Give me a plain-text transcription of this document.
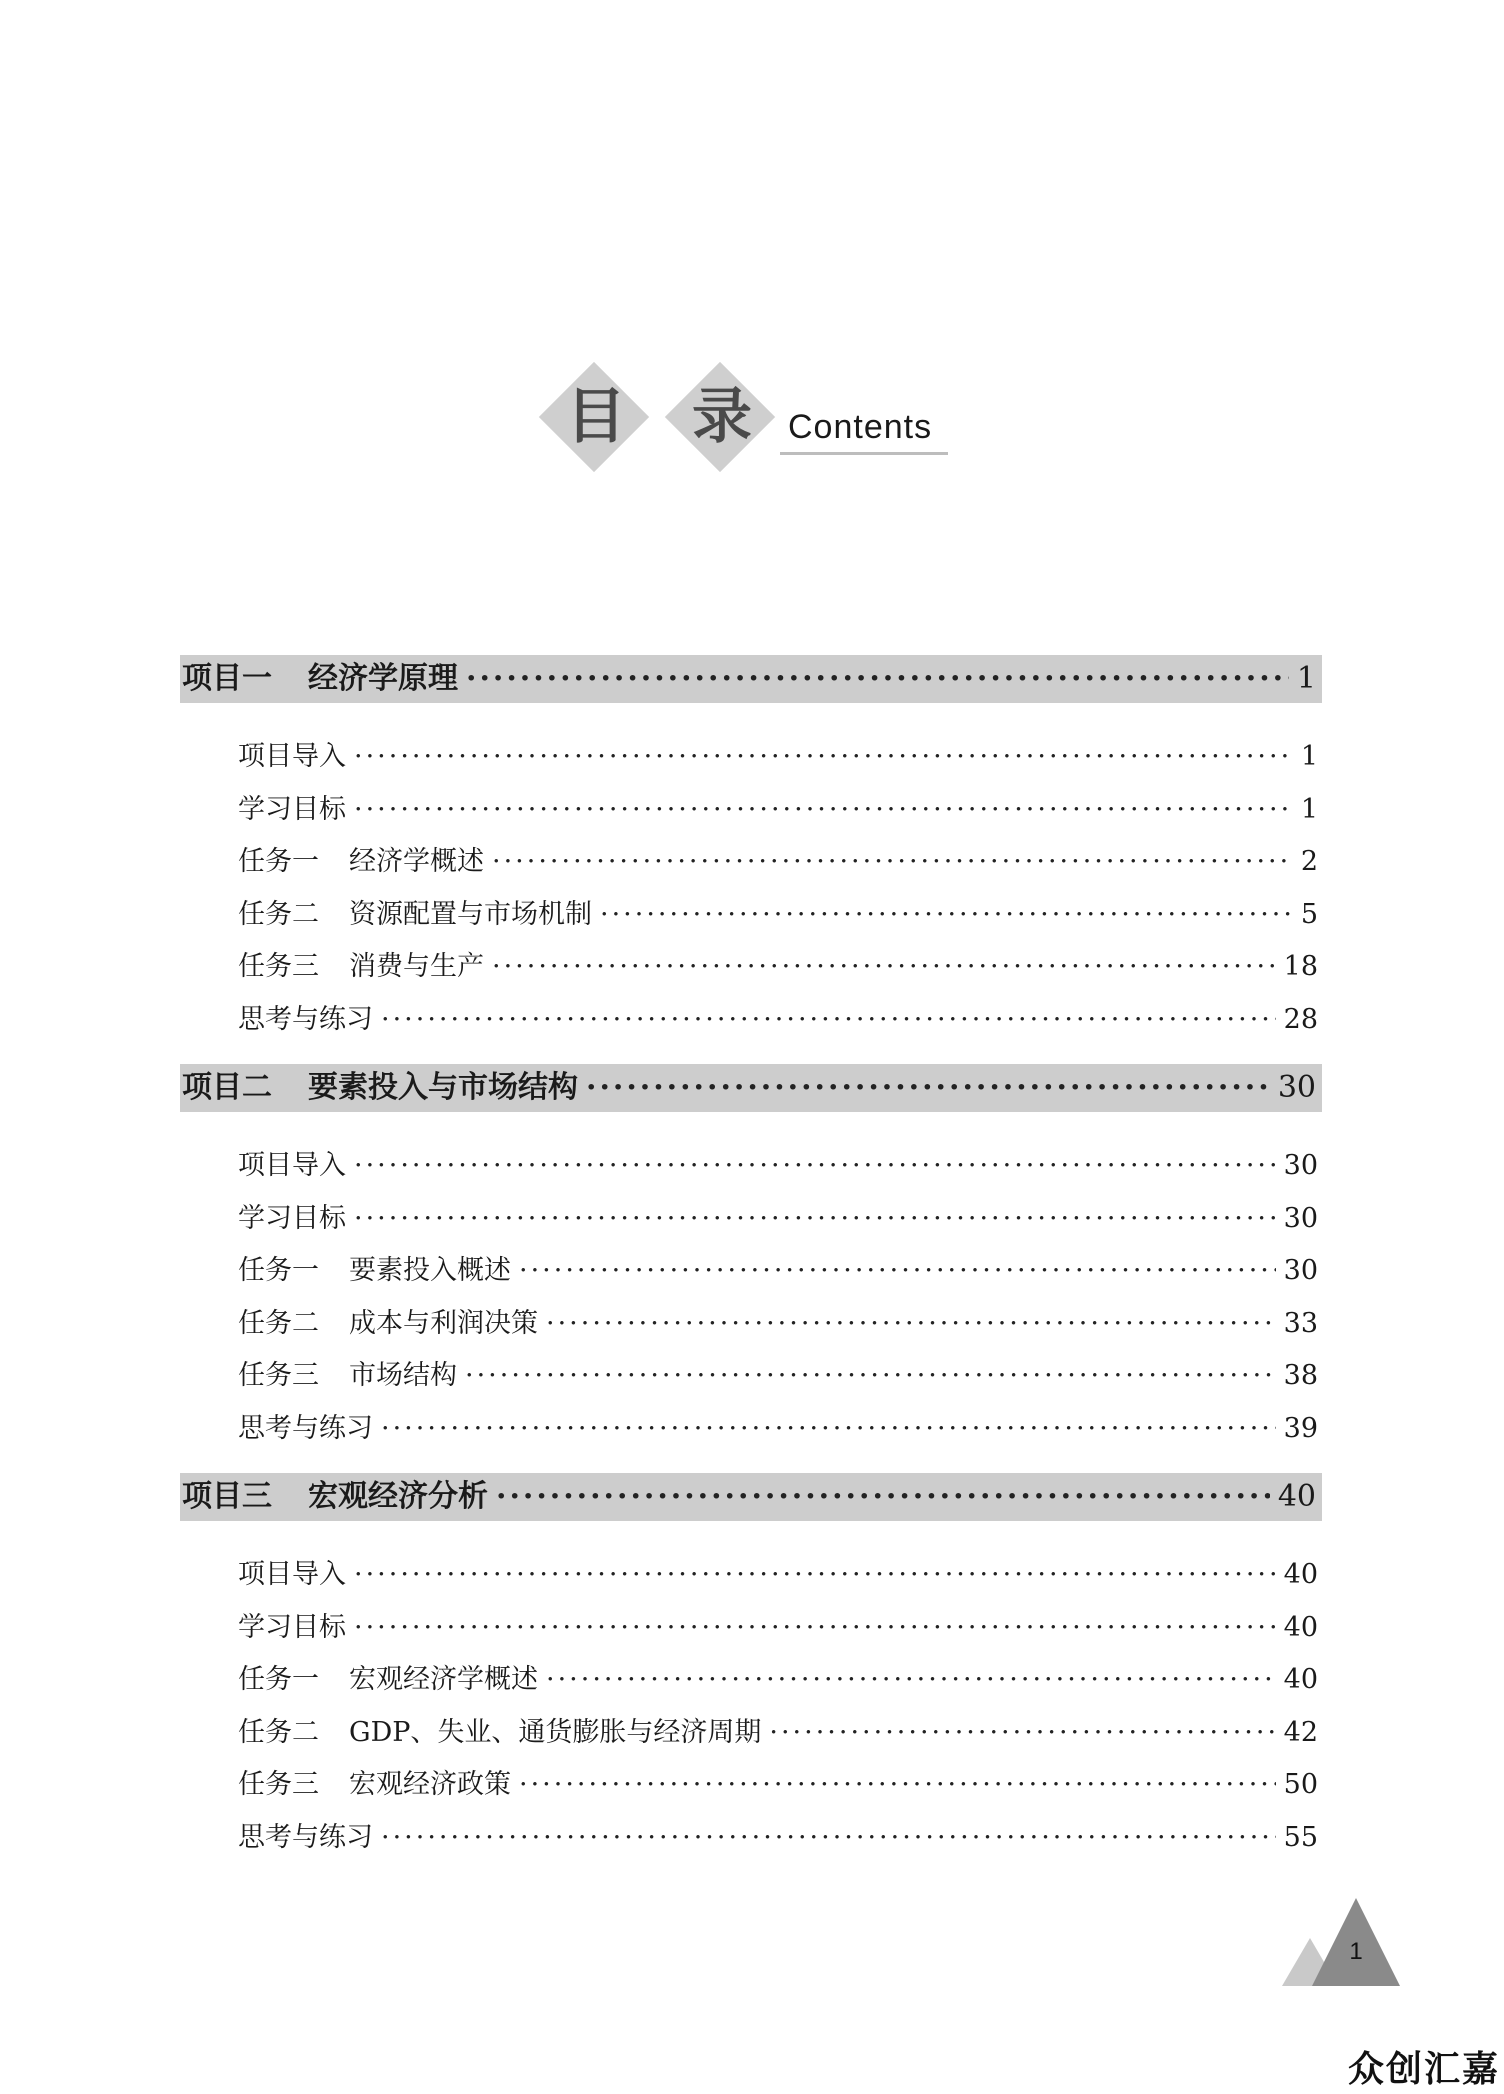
目 录 Contents
项目一 经济学原理 ·····	1
项目导入 ·····	1
学习目标 ·····	1
任务一 经济学概述 ·····	2
任务二 资源配置与市场机制 ·····	5
任务三 消费与生产 ·····	18
思考与练习 ·····	28
项目二 要素投入与市场结构 ·····	30
项目导入 ·····	30
学习目标 ·····	30
任务一 要素投入概述 ·····	30
任务二 成本与利润决策 ·····	33
任务三 市场结构 ·····	38
思考与练习 ·····	39
项目三 宏观经济分析 ·····	40
项目导入 ·····	40
学习目标 ·····	40
任务一 宏观经济学概述 ·····	40
任务二 GDP、失业、通货膨胀与经济周期 ·····	42
任务三 宏观经济政策 ·····	50
思考与练习 ·····	55
1
众创汇嘉
